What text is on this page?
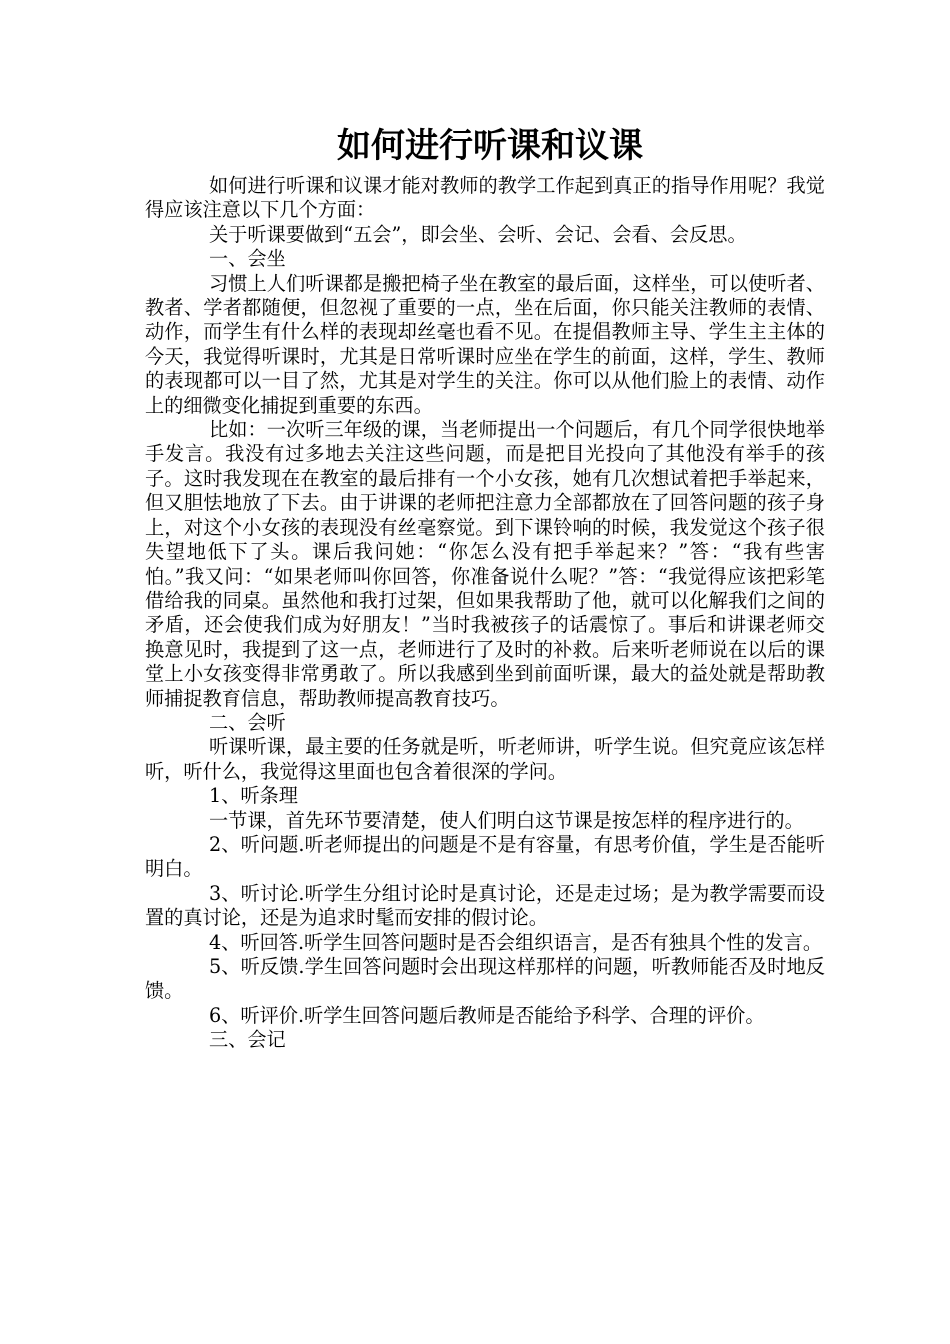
如何进行听课和议课

如何进行听课和议课才能对教师的教学工作起到真正的指导作用呢？我觉得应该注意以下几个方面：

关于听课要做到“五会”，即会坐、会听、会记、会看、会反思。

一、会坐

习惯上人们听课都是搬把椅子坐在教室的最后面，这样坐，可以使听者、教者、学者都随便，但忽视了重要的一点，坐在后面，你只能关注教师的表情、动作，而学生有什么样的表现却丝毫也看不见。在提倡教师主导、学生主主体的今天，我觉得听课时，尤其是日常听课时应坐在学生的前面，这样，学生、教师的表现都可以一目了然，尤其是对学生的关注。你可以从他们脸上的表情、动作上的细微变化捕捉到重要的东西。

比如：一次听三年级的课，当老师提出一个问题后，有几个同学很快地举手发言。我没有过多地去关注这些问题，而是把目光投向了其他没有举手的孩子。这时我发现在在教室的最后排有一个小女孩，她有几次想试着把手举起来，但又胆怯地放了下去。由于讲课的老师把注意力全部都放在了回答问题的孩子身上，对这个小女孩的表现没有丝毫察觉。到下课铃响的时候，我发觉这个孩子很失望地低下了头。课后我问她：“你怎么没有把手举起来？”答：“我有些害怕。”我又问：“如果老师叫你回答，你准备说什么呢？”答：“我觉得应该把彩笔借给我的同桌。虽然他和我打过架，但如果我帮助了他，就可以化解我们之间的矛盾，还会使我们成为好朋友！”当时我被孩子的话震惊了。事后和讲课老师交换意见时，我提到了这一点，老师进行了及时的补救。后来听老师说在以后的课堂上小女孩变得非常勇敢了。所以我感到坐到前面听课，最大的益处就是帮助教师捕捉教育信息，帮助教师提高教育技巧。

二、会听

听课听课，最主要的任务就是听，听老师讲，听学生说。但究竟应该怎样听，听什么，我觉得这里面也包含着很深的学问。

1、听条理

一节课，首先环节要清楚，使人们明白这节课是按怎样的程序进行的。

2、听问题.听老师提出的问题是不是有容量，有思考价值，学生是否能听明白。

3、听讨论.听学生分组讨论时是真讨论，还是走过场；是为教学需要而设置的真讨论，还是为追求时髦而安排的假讨论。

4、听回答.听学生回答问题时是否会组织语言，是否有独具个性的发言。

5、听反馈.学生回答问题时会出现这样那样的问题，听教师能否及时地反馈。

6、听评价.听学生回答问题后教师是否能给予科学、合理的评价。

三、会记
